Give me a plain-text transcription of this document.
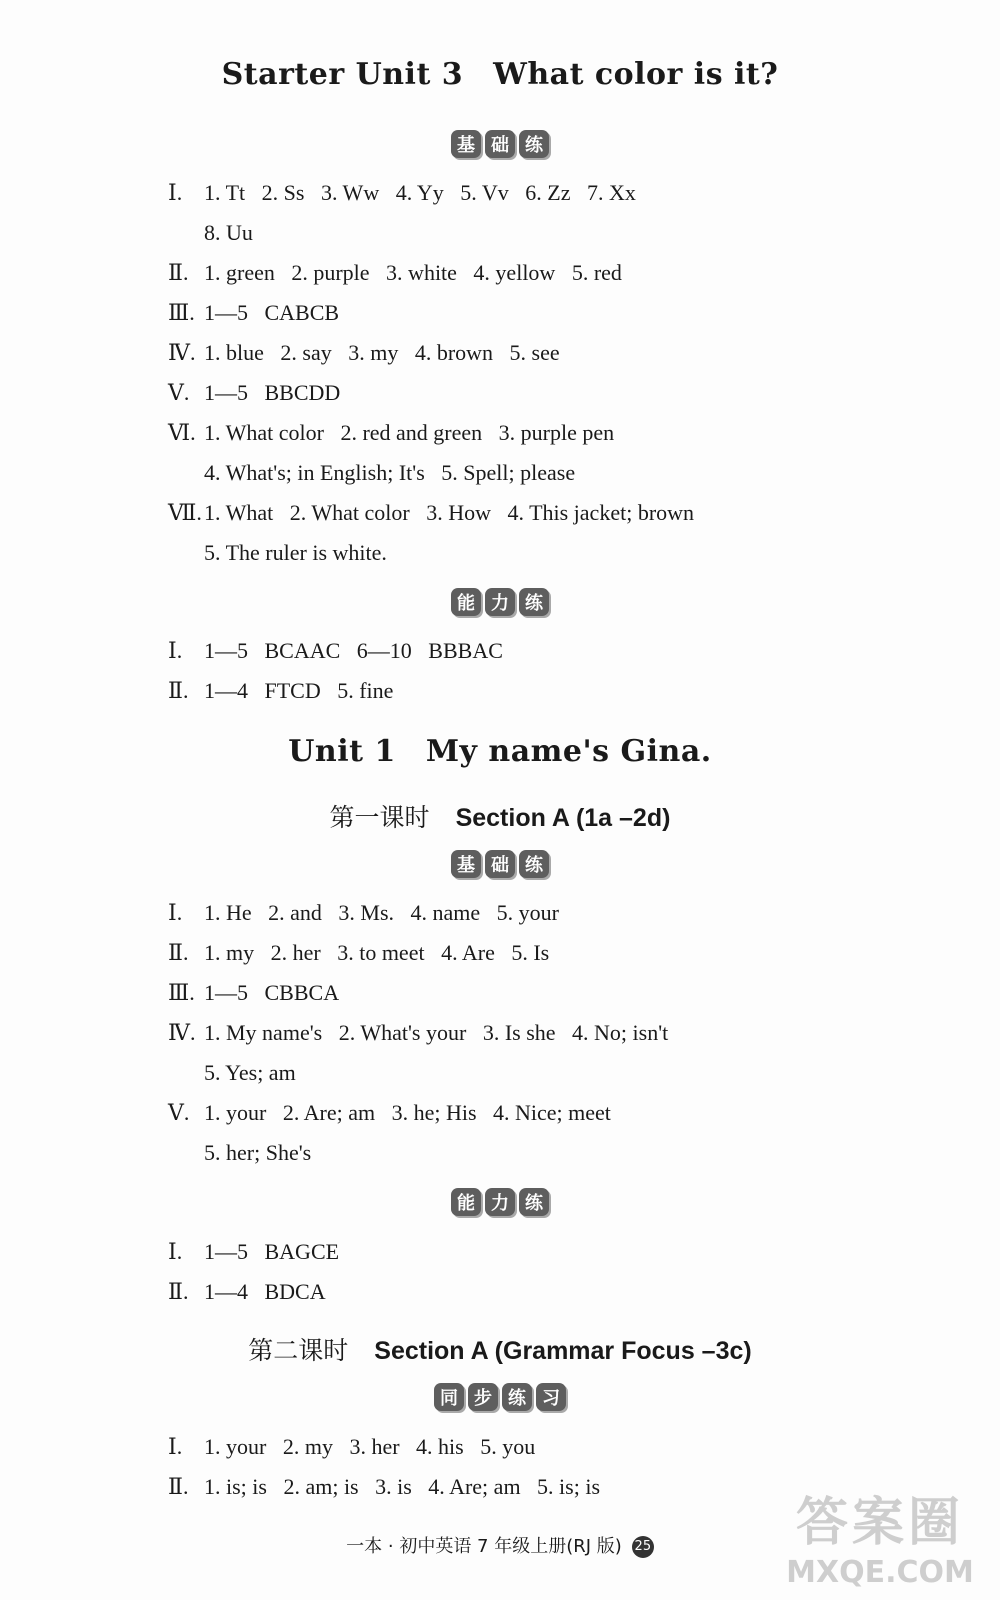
Starter Unit 3 What color is it?
基 础 练
Ⅰ. 1. Tt   2. Ss   3. Ww   4. Yy   5. Vv   6. Zz   7. Xx
8. Uu
Ⅱ. 1. green   2. purple   3. white   4. yellow   5. red
Ⅲ. 1—5   CABCB
Ⅳ. 1. blue   2. say   3. my   4. brown   5. see
Ⅴ. 1—5   BBCDD
Ⅵ. 1. What color   2. red and green   3. purple pen
4. What's; in English; It's   5. Spell; please
Ⅶ.1. What   2. What color   3. How   4. This jacket; brown
5. The ruler is white.
能 力 练
Ⅰ. 1—5   BCAAC   6—10   BBBAC
Ⅱ. 1—4   FTCD   5. fine
Unit 1 My name's Gina.
第一课时 Section A (1a –2d)
基 础 练
Ⅰ. 1. He   2. and   3. Ms.   4. name   5. your
Ⅱ. 1. my   2. her   3. to meet   4. Are   5. Is
Ⅲ. 1—5   CBBCA
Ⅳ. 1. My name's   2. What's your   3. Is she   4. No; isn't
5. Yes; am
Ⅴ. 1. your   2. Are; am   3. he; His   4. Nice; meet
5. her; She's
能 力 练
Ⅰ. 1—5   BAGCE
Ⅱ. 1—4   BDCA
第二课时 Section A (Grammar Focus –3c)
同 步 练 习
Ⅰ. 1. your   2. my   3. her   4. his   5. you
Ⅱ. 1. is; is   2. am; is   3. is   4. Are; am   5. is; is
一本 · 初中英语 7 年级上册(RJ 版) 25	答案圈
MXQE.COM
